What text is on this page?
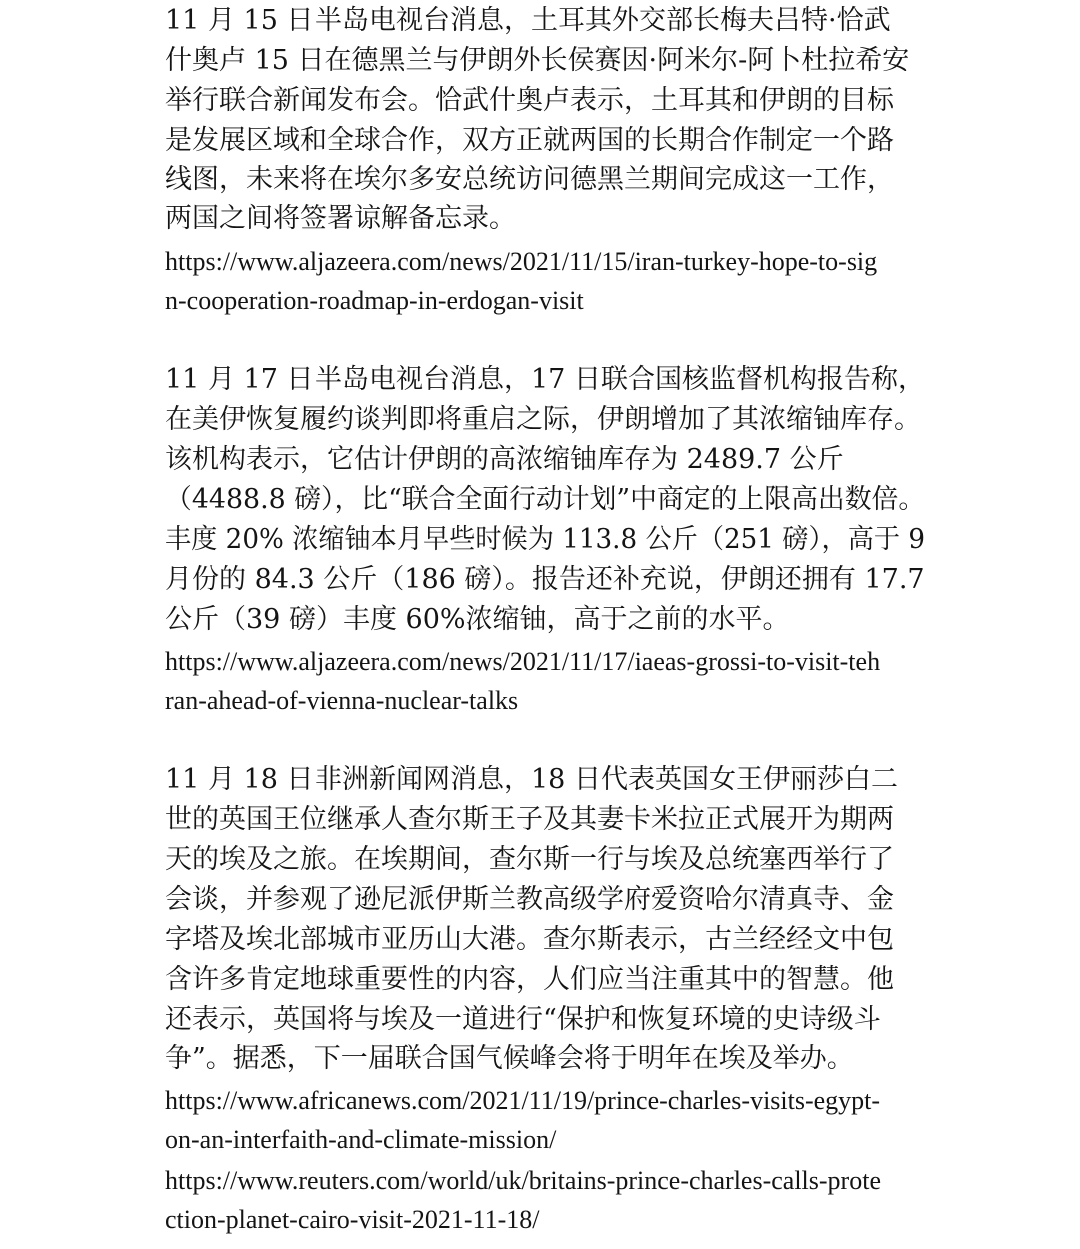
11 月 15 日半岛电视台消息，土耳其外交部长梅夫吕特·恰武
什奥卢 15 日在德黑兰与伊朗外长侯赛因·阿米尔-阿卜杜拉希安
举行联合新闻发布会。恰武什奥卢表示，土耳其和伊朗的目标
是发展区域和全球合作，双方正就两国的长期合作制定一个路
线图，未来将在埃尔多安总统访问德黑兰期间完成这一工作，
两国之间将签署谅解备忘录。
https://www.aljazeera.com/news/2021/11/15/iran-turkey-hope-to-sig
n-cooperation-roadmap-in-erdogan-visit
11 月 17 日半岛电视台消息，17 日联合国核监督机构报告称，
在美伊恢复履约谈判即将重启之际，伊朗增加了其浓缩铀库存。
该机构表示，它估计伊朗的高浓缩铀库存为 2489.7 公斤
（4488.8 磅），比“联合全面行动计划”中商定的上限高出数倍。
丰度 20% 浓缩铀本月早些时候为 113.8 公斤（251 磅），高于 9
月份的 84.3 公斤（186 磅）。报告还补充说，伊朗还拥有 17.7
公斤（39 磅）丰度 60%浓缩铀，高于之前的水平。
https://www.aljazeera.com/news/2021/11/17/iaeas-grossi-to-visit-teh
ran-ahead-of-vienna-nuclear-talks
11 月 18 日非洲新闻网消息，18 日代表英国女王伊丽莎白二
世的英国王位继承人查尔斯王子及其妻卡米拉正式展开为期两
天的埃及之旅。在埃期间，查尔斯一行与埃及总统塞西举行了
会谈，并参观了逊尼派伊斯兰教高级学府爱资哈尔清真寺、金
字塔及埃北部城市亚历山大港。查尔斯表示，古兰经经文中包
含许多肯定地球重要性的内容，人们应当注重其中的智慧。他
还表示，英国将与埃及一道进行“保护和恢复环境的史诗级斗
争”。据悉，下一届联合国气候峰会将于明年在埃及举办。
https://www.africanews.com/2021/11/19/prince-charles-visits-egypt-
on-an-interfaith-and-climate-mission/
https://www.reuters.com/world/uk/britains-prince-charles-calls-prote
ction-planet-cairo-visit-2021-11-18/
